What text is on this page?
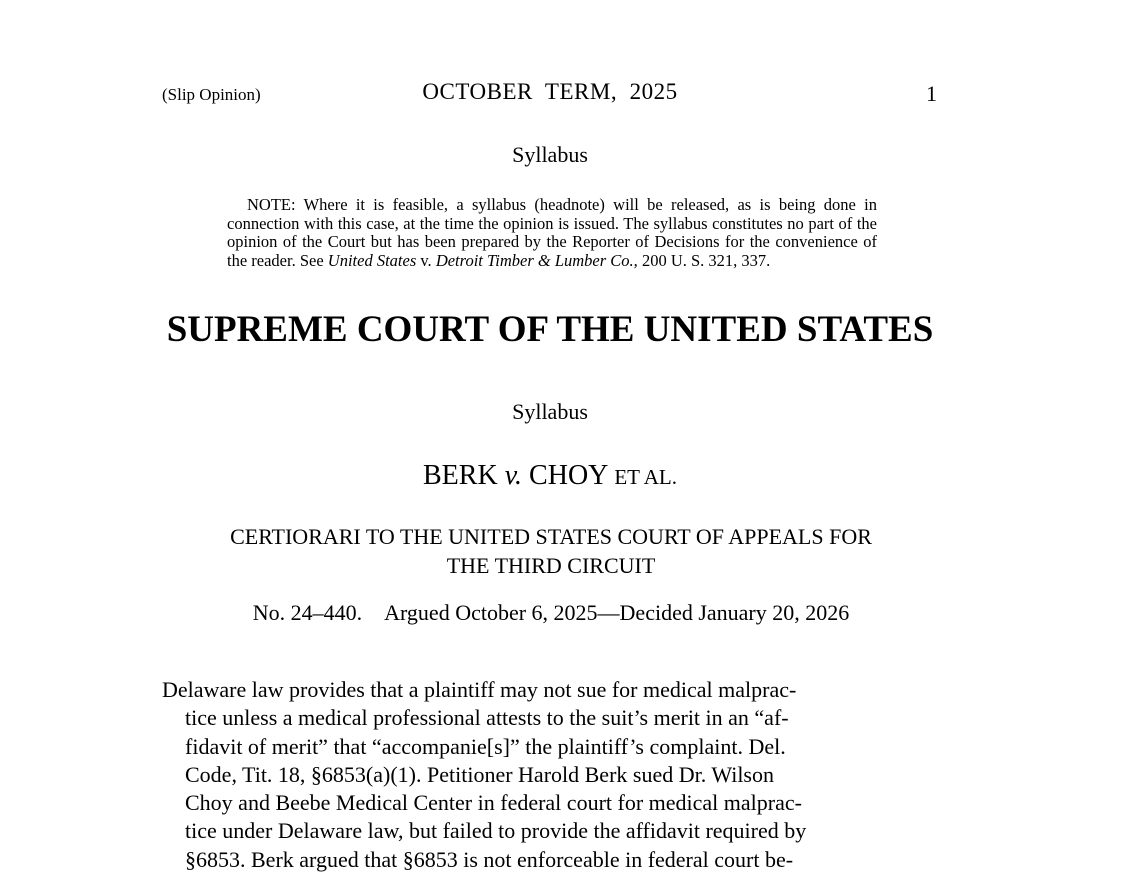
(Slip Opinion)	OCTOBER  TERM,  2025	1
Syllabus
NOTE: Where it is feasible, a syllabus (headnote) will be released, as is being done in connection with this case, at the time the opinion is issued. The syllabus constitutes no part of the opinion of the Court but has been prepared by the Reporter of Decisions for the convenience of the reader. See United States v. Detroit Timber & Lumber Co., 200 U. S. 321, 337.
SUPREME COURT OF THE UNITED STATES
Syllabus
BERK v. CHOY ET AL.
CERTIORARI TO THE UNITED STATES COURT OF APPEALS FOR
THE THIRD CIRCUIT
No. 24–440. Argued October 6, 2025—Decided January 20, 2026
Delaware law provides that a plaintiff may not sue for medical malprac-
tice unless a medical professional attests to the suit’s merit in an “af-
fidavit of merit” that “accompanie[s]” the plaintiff’s complaint. Del.
Code, Tit. 18, §6853(a)(1). Petitioner Harold Berk sued Dr. Wilson
Choy and Beebe Medical Center in federal court for medical malprac-
tice under Delaware law, but failed to provide the affidavit required by
§6853. Berk argued that §6853 is not enforceable in federal court be-
